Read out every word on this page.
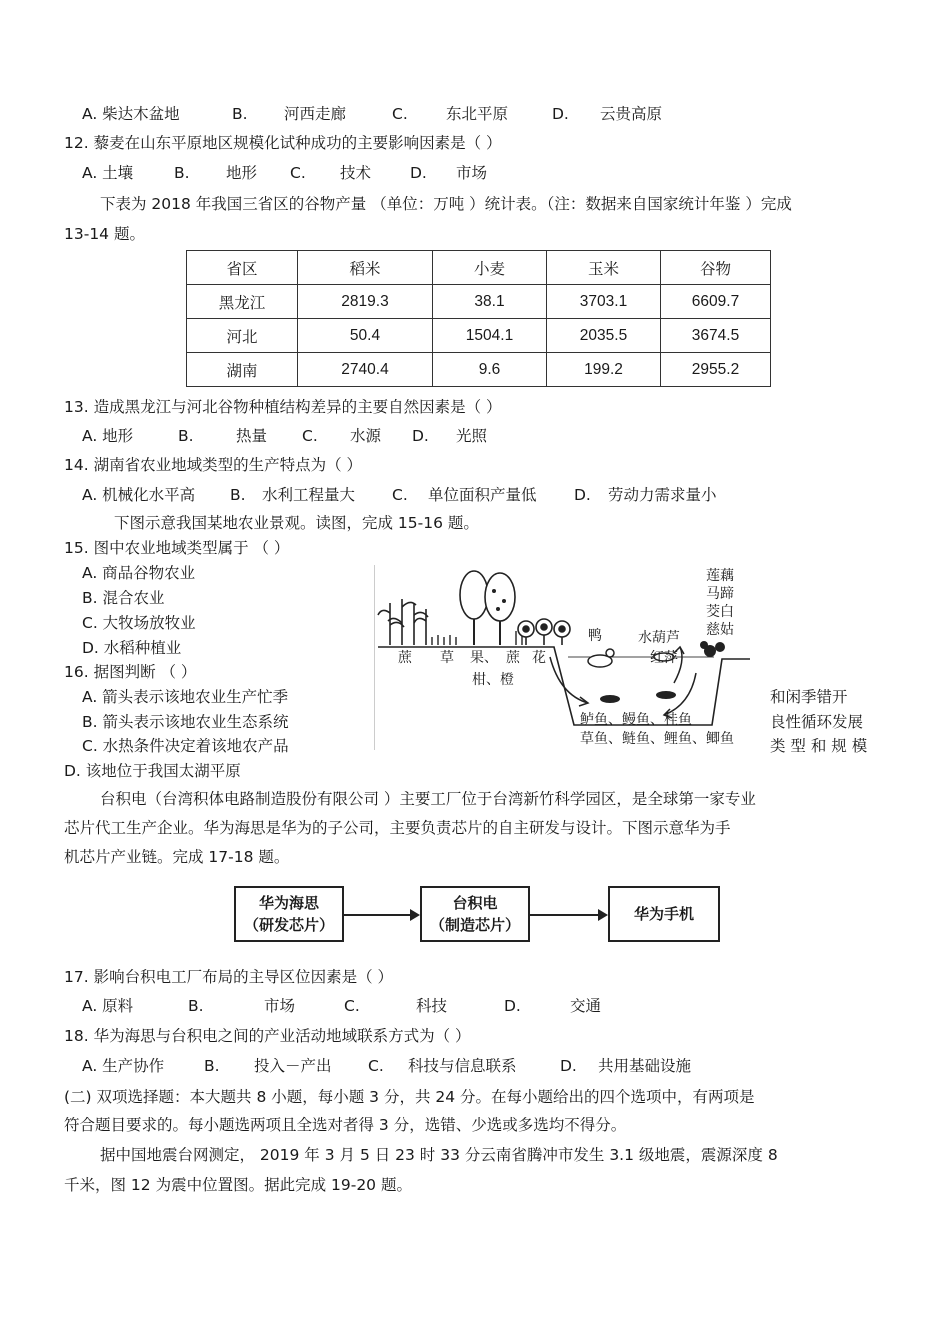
A. 柴达木盆地	B. 河西走廊	C. 东北平原	D. 云贵高原
12. 藜麦在山东平原地区规模化试种成功的主要影响因素是（ ）
A. 土壤	B. 地形 C. 技术	D. 市场
下表为 2018 年我国三省区的谷物产量 （单位：万吨 ）统计表。（注：数据来自国家统计年鉴 ）完成
13-14 题。
省区	稻米	小麦	玉米	谷物
黑龙江	2819.3	38.1	3703.1	6609.7
河北	50.4	1504.1	2035.5	3674.5
湖南	2740.4	9.6	199.2	2955.2
13. 造成黑龙江与河北谷物种植结构差异的主要自然因素是（ ）
A. 地形	B.	热量 C. 水源 D. 光照
14. 湖南省农业地域类型的生产特点为（ ）
A. 机械化水平高 B. 水利工程量大 C. 单位面积产量低 D. 劳动力需求量小
下图示意我国某地农业景观。读图，完成 15-16 题。
15. 图中农业地域类型属于 （ ）
A. 商品谷物农业
B. 混合农业
C. 大牧场放牧业
D. 水稻种植业
16. 据图判断 （ ）
A. 箭头表示该地农业生产忙季	和闲季错开
B. 箭头表示该地农业生态系统	良性循环发展
C. 水热条件决定着该地农产品	类 型 和 规 模
D. 该地位于我国太湖平原
蔗 草 果、
柑、橙
蔗 花
鸭	水葫芦
红萍
莲藕
马蹄
茭白
慈姑
鲈鱼、鳗鱼、桂鱼
草鱼、鲢鱼、鲤鱼、鲫鱼
台积电（台湾积体电路制造股份有限公司 ）主要工厂位于台湾新竹科学园区，是全球第一家专业
芯片代工生产企业。华为海思是华为的子公司，主要负责芯片的自主研发与设计。下图示意华为手
机芯片产业链。完成 17-18 题。
华为海思
（研发芯片）
台积电
（制造芯片）
华为手机
17. 影响台积电工厂布局的主导区位因素是（ ）
A. 原料	B.	市场	C.	科技	D.	交通
18. 华为海思与台积电之间的产业活动地域联系方式为（ ）
A. 生产协作	B. 投入－产出 C. 科技与信息联系	D. 共用基础设施
(二) 双项选择题：本大题共 8 小题，每小题 3 分，共 24 分。在每小题给出的四个选项中，有两项是
符合题目要求的。每小题选两项且全选对者得 3 分，选错、少选或多选均不得分。
据中国地震台网测定， 2019 年 3 月 5 日 23 时 33 分云南省腾冲市发生 3.1 级地震，震源深度 8
千米，图 12 为震中位置图。据此完成 19-20 题。
